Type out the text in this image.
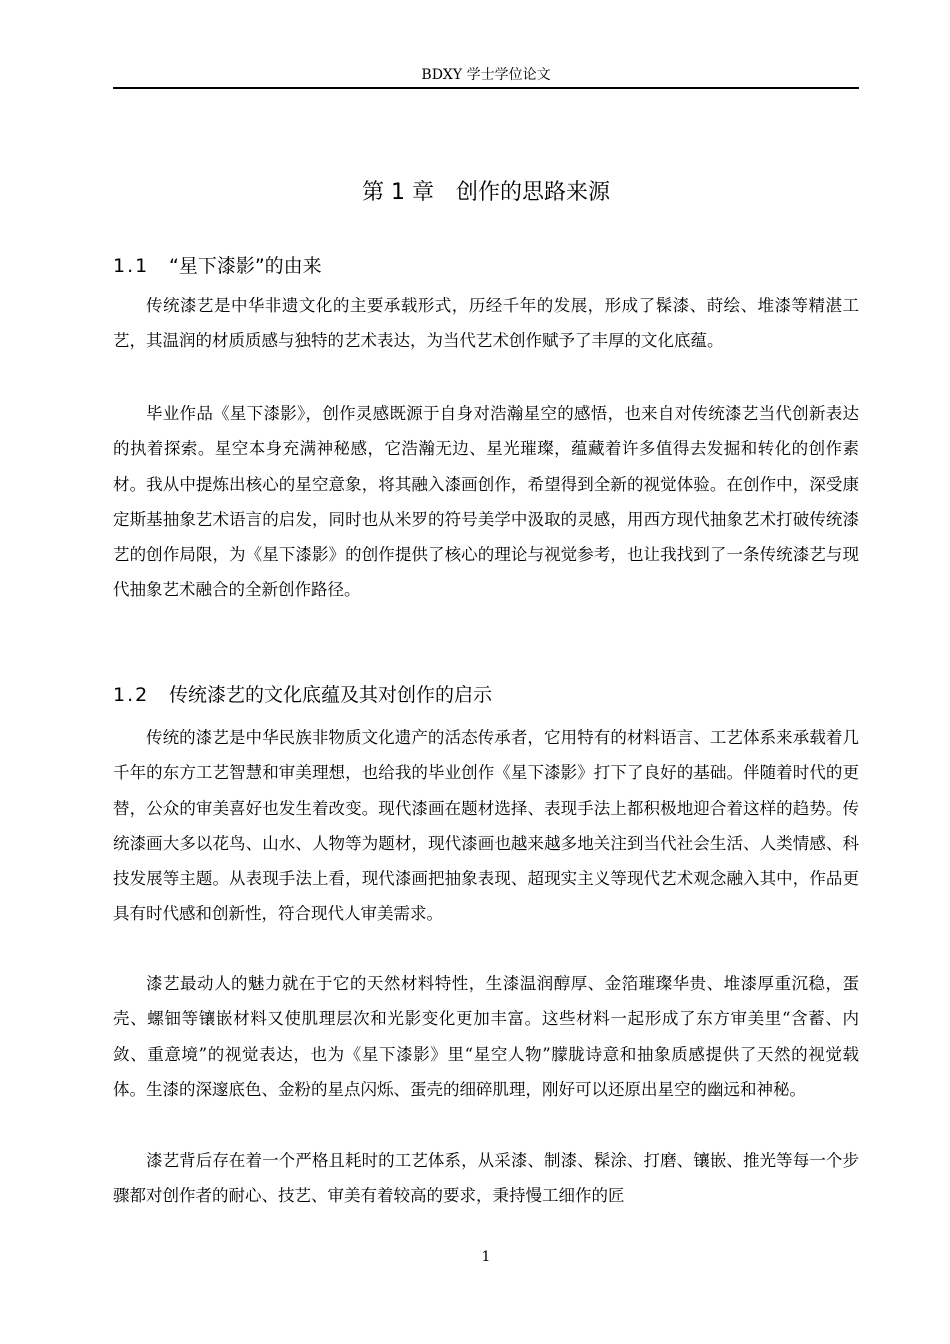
BDXY 学士学位论文
第 1 章　创作的思路来源
1.1 “星下漆影”的由来

传统漆艺是中华非遗文化的主要承载形式，历经千年的发展，形成了髹漆、莳绘、堆漆等精湛工艺，其温润的材质质感与独特的艺术表达，为当代艺术创作赋予了丰厚的文化底蕴。

毕业作品《星下漆影》，创作灵感既源于自身对浩瀚星空的感悟，也来自对传统漆艺当代创新表达的执着探索。星空本身充满神秘感，它浩瀚无边、星光璀璨，蕴藏着许多值得去发掘和转化的创作素材。我从中提炼出核心的星空意象，将其融入漆画创作，希望得到全新的视觉体验。在创作中，深受康定斯基抽象艺术语言的启发，同时也从米罗的符号美学中汲取的灵感，用西方现代抽象艺术打破传统漆艺的创作局限，为《星下漆影》的创作提供了核心的理论与视觉参考，也让我找到了一条传统漆艺与现代抽象艺术融合的全新创作路径。

1.2 传统漆艺的文化底蕴及其对创作的启示

传统的漆艺是中华民族非物质文化遗产的活态传承者，它用特有的材料语言、工艺体系来承载着几千年的东方工艺智慧和审美理想，也给我的毕业创作《星下漆影》打下了良好的基础。伴随着时代的更替，公众的审美喜好也发生着改变。现代漆画在题材选择、表现手法上都积极地迎合着这样的趋势。传统漆画大多以花鸟、山水、人物等为题材，现代漆画也越来越多地关注到当代社会生活、人类情感、科技发展等主题。从表现手法上看，现代漆画把抽象表现、超现实主义等现代艺术观念融入其中，作品更具有时代感和创新性，符合现代人审美需求。

漆艺最动人的魅力就在于它的天然材料特性，生漆温润醇厚、金箔璀璨华贵、堆漆厚重沉稳，蛋壳、螺钿等镶嵌材料又使肌理层次和光影变化更加丰富。这些材料一起形成了东方审美里“含蓄、内敛、重意境”的视觉表达，也为《星下漆影》里“星空人物”朦胧诗意和抽象质感提供了天然的视觉载体。生漆的深邃底色、金粉的星点闪烁、蛋壳的细碎肌理，刚好可以还原出星空的幽远和神秘。

漆艺背后存在着一个严格且耗时的工艺体系，从采漆、制漆、髹涂、打磨、镶嵌、推光等每一个步骤都对创作者的耐心、技艺、审美有着较高的要求，秉持慢工细作的匠

1
